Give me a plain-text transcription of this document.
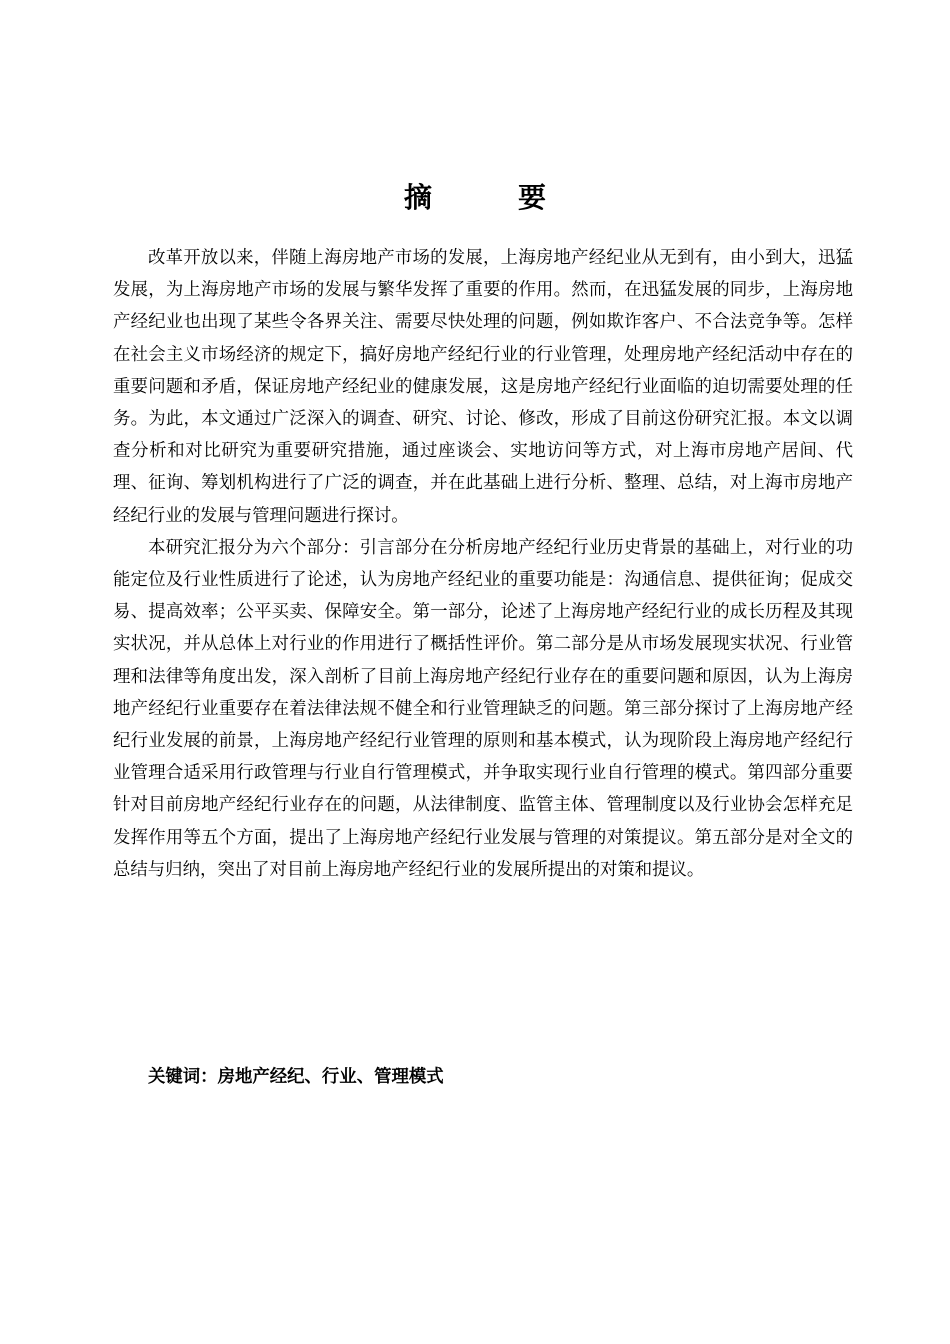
摘	要

改革开放以来，伴随上海房地产市场的发展，上海房地产经纪业从无到有，由小到大，迅猛发展，为上海房地产市场的发展与繁华发挥了重要的作用。然而，在迅猛发展的同步，上海房地产经纪业也出现了某些令各界关注、需要尽快处理的问题，例如欺诈客户、不合法竞争等。怎样在社会主义市场经济的规定下，搞好房地产经纪行业的行业管理，处理房地产经纪活动中存在的重要问题和矛盾，保证房地产经纪业的健康发展，这是房地产经纪行业面临的迫切需要处理的任务。为此，本文通过广泛深入的调查、研究、讨论、修改，形成了目前这份研究汇报。本文以调查分析和对比研究为重要研究措施，通过座谈会、实地访问等方式，对上海市房地产居间、代理、征询、筹划机构进行了广泛的调查，并在此基础上进行分析、整理、总结，对上海市房地产经纪行业的发展与管理问题进行探讨。

本研究汇报分为六个部分：引言部分在分析房地产经纪行业历史背景的基础上，对行业的功能定位及行业性质进行了论述，认为房地产经纪业的重要功能是：沟通信息、提供征询；促成交易、提高效率；公平买卖、保障安全。第一部分，论述了上海房地产经纪行业的成长历程及其现实状况，并从总体上对行业的作用进行了概括性评价。第二部分是从市场发展现实状况、行业管理和法律等角度出发，深入剖析了目前上海房地产经纪行业存在的重要问题和原因，认为上海房地产经纪行业重要存在着法律法规不健全和行业管理缺乏的问题。第三部分探讨了上海房地产经纪行业发展的前景，上海房地产经纪行业管理的原则和基本模式，认为现阶段上海房地产经纪行业管理合适采用行政管理与行业自行管理模式，并争取实现行业自行管理的模式。第四部分重要针对目前房地产经纪行业存在的问题，从法律制度、监管主体、管理制度以及行业协会怎样充足发挥作用等五个方面，提出了上海房地产经纪行业发展与管理的对策提议。第五部分是对全文的总结与归纳，突出了对目前上海房地产经纪行业的发展所提出的对策和提议。

关键词：房地产经纪、行业、管理模式
